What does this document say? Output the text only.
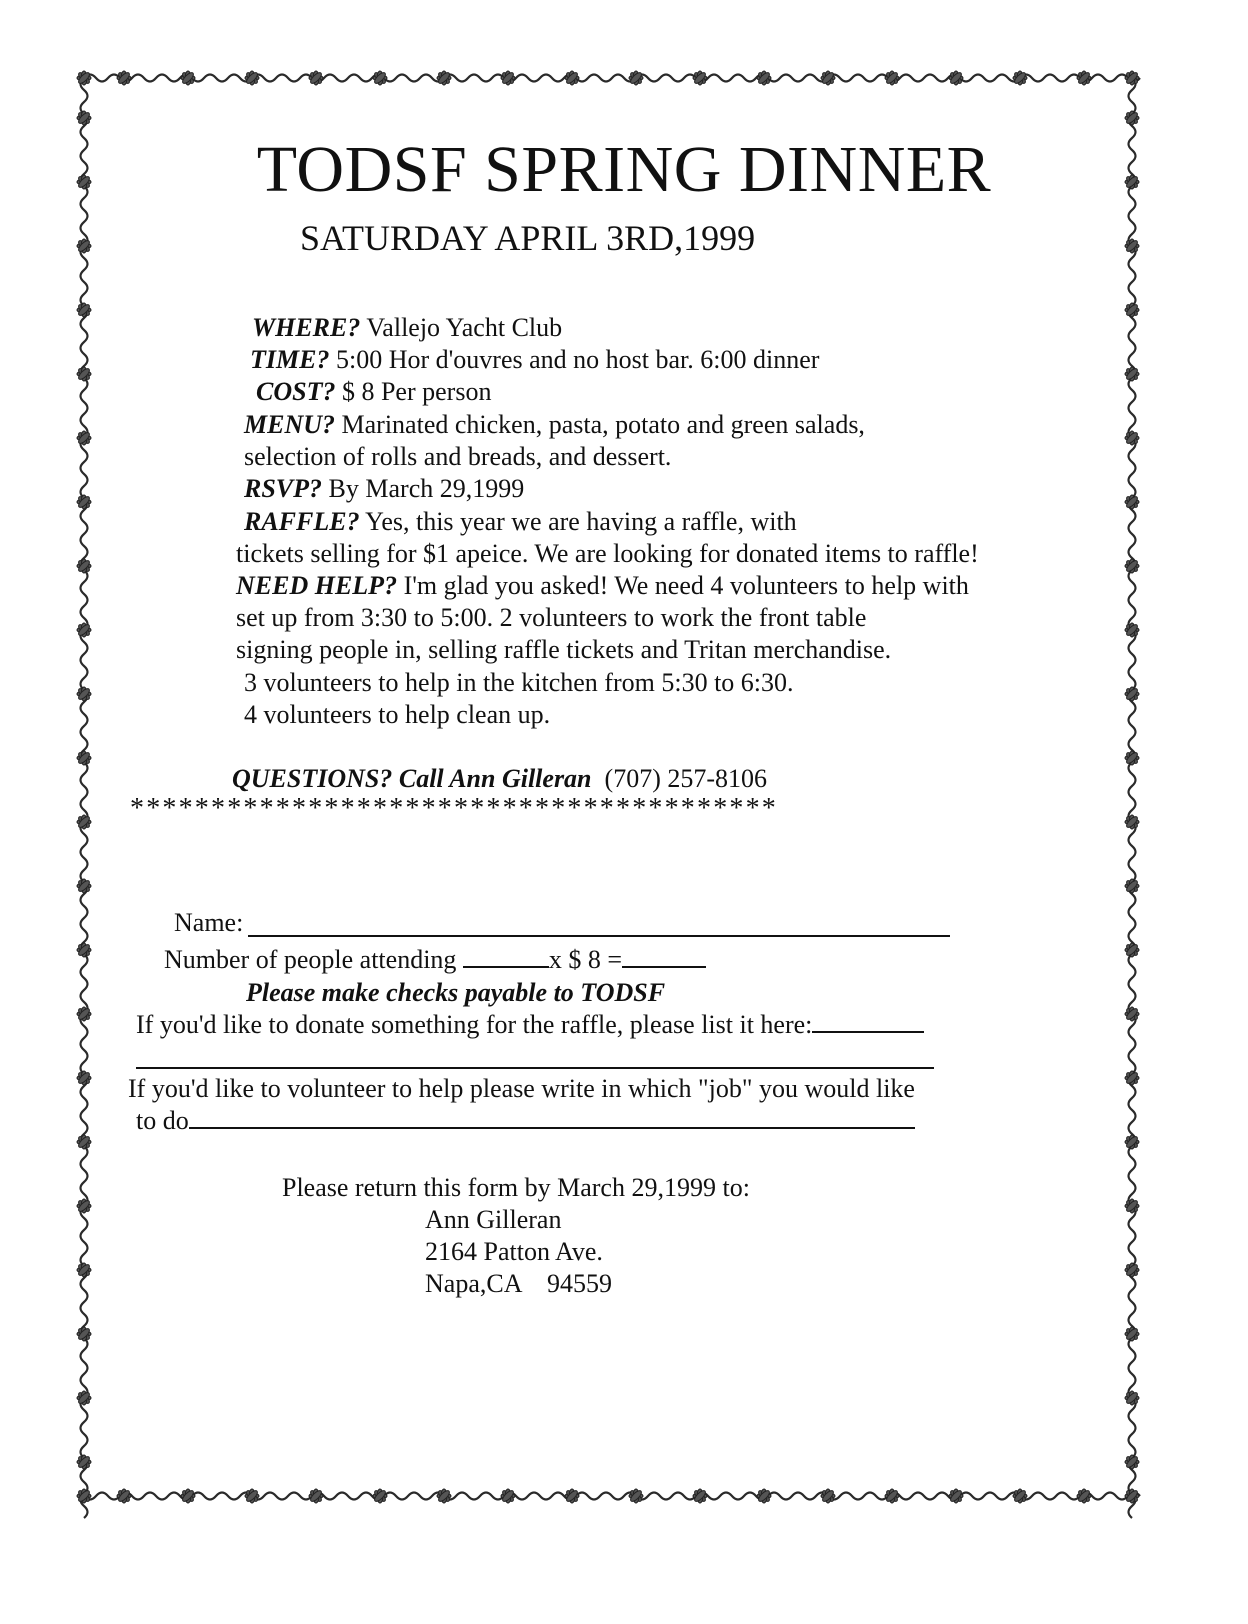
TODSF SPRING DINNER
SATURDAY APRIL 3RD,1999
WHERE? Vallejo Yacht Club
TIME? 5:00 Hor d'ouvres and no host bar. 6:00 dinner
COST? $ 8 Per person
MENU? Marinated chicken, pasta, potato and green salads,
selection of rolls and breads, and dessert.
RSVP? By March 29,1999
RAFFLE? Yes, this year we are having a raffle, with
tickets selling for $1 apeice. We are looking for donated items to raffle!
NEED HELP? I'm glad you asked! We need 4 volunteers to help with
set up from 3:30 to 5:00. 2 volunteers to work the front table
signing people in, selling raffle tickets and Tritan merchandise.
3 volunteers to help in the kitchen from 5:30 to 6:30.
4 volunteers to help clean up.
QUESTIONS? Call Ann Gilleran (707) 257-8106
****************************************
Name:
Number of people attending	x $ 8 =
Please make checks payable to TODSF
If you'd like to donate something for the raffle, please list it here:
If you'd like to volunteer to help please write in which "job" you would like
to do
Please return this form by March 29,1999 to:
Ann Gilleran
2164 Patton Ave.
Napa,CA    94559
